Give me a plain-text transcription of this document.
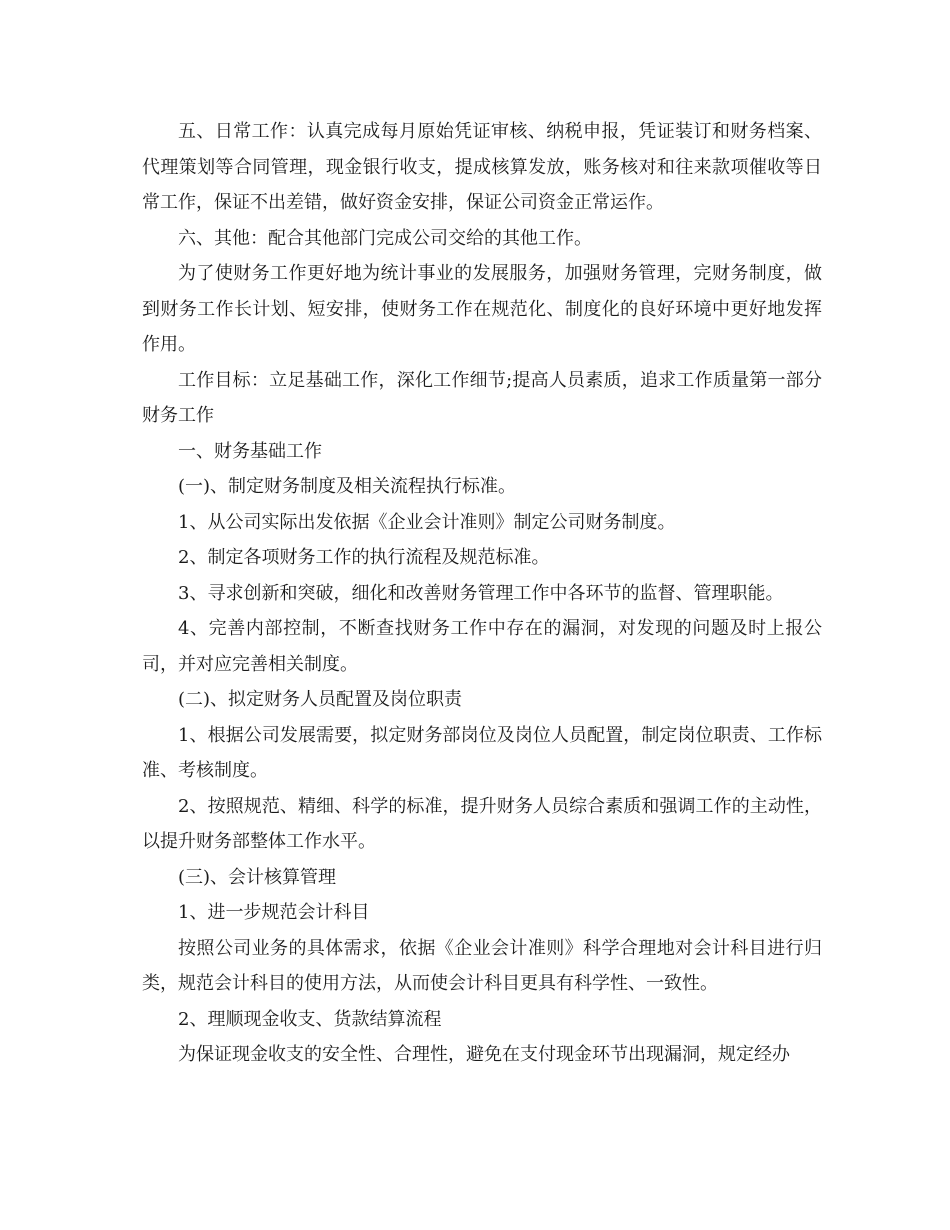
五、日常工作：认真完成每月原始凭证审核、纳税申报，凭证装订和财务档案、代理策划等合同管理，现金银行收支，提成核算发放，账务核对和往来款项催收等日常工作，保证不出差错，做好资金安排，保证公司资金正常运作。

六、其他：配合其他部门完成公司交给的其他工作。

为了使财务工作更好地为统计事业的发展服务，加强财务管理，完财务制度，做到财务工作长计划、短安排，使财务工作在规范化、制度化的良好环境中更好地发挥作用。

工作目标：立足基础工作，深化工作细节;提高人员素质，追求工作质量第一部分财务工作

一、财务基础工作

(一)、制定财务制度及相关流程执行标准。

1、从公司实际出发依据《企业会计准则》制定公司财务制度。

2、制定各项财务工作的执行流程及规范标准。

3、寻求创新和突破，细化和改善财务管理工作中各环节的监督、管理职能。

4、完善内部控制，不断查找财务工作中存在的漏洞，对发现的问题及时上报公司，并对应完善相关制度。

(二)、拟定财务人员配置及岗位职责

1、根据公司发展需要，拟定财务部岗位及岗位人员配置，制定岗位职责、工作标准、考核制度。

2、按照规范、精细、科学的标准，提升财务人员综合素质和强调工作的主动性，以提升财务部整体工作水平。

(三)、会计核算管理

1、进一步规范会计科目

按照公司业务的具体需求，依据《企业会计准则》科学合理地对会计科目进行归类，规范会计科目的使用方法，从而使会计科目更具有科学性、一致性。

2、理顺现金收支、货款结算流程

为保证现金收支的安全性、合理性，避免在支付现金环节出现漏洞，规定经办
